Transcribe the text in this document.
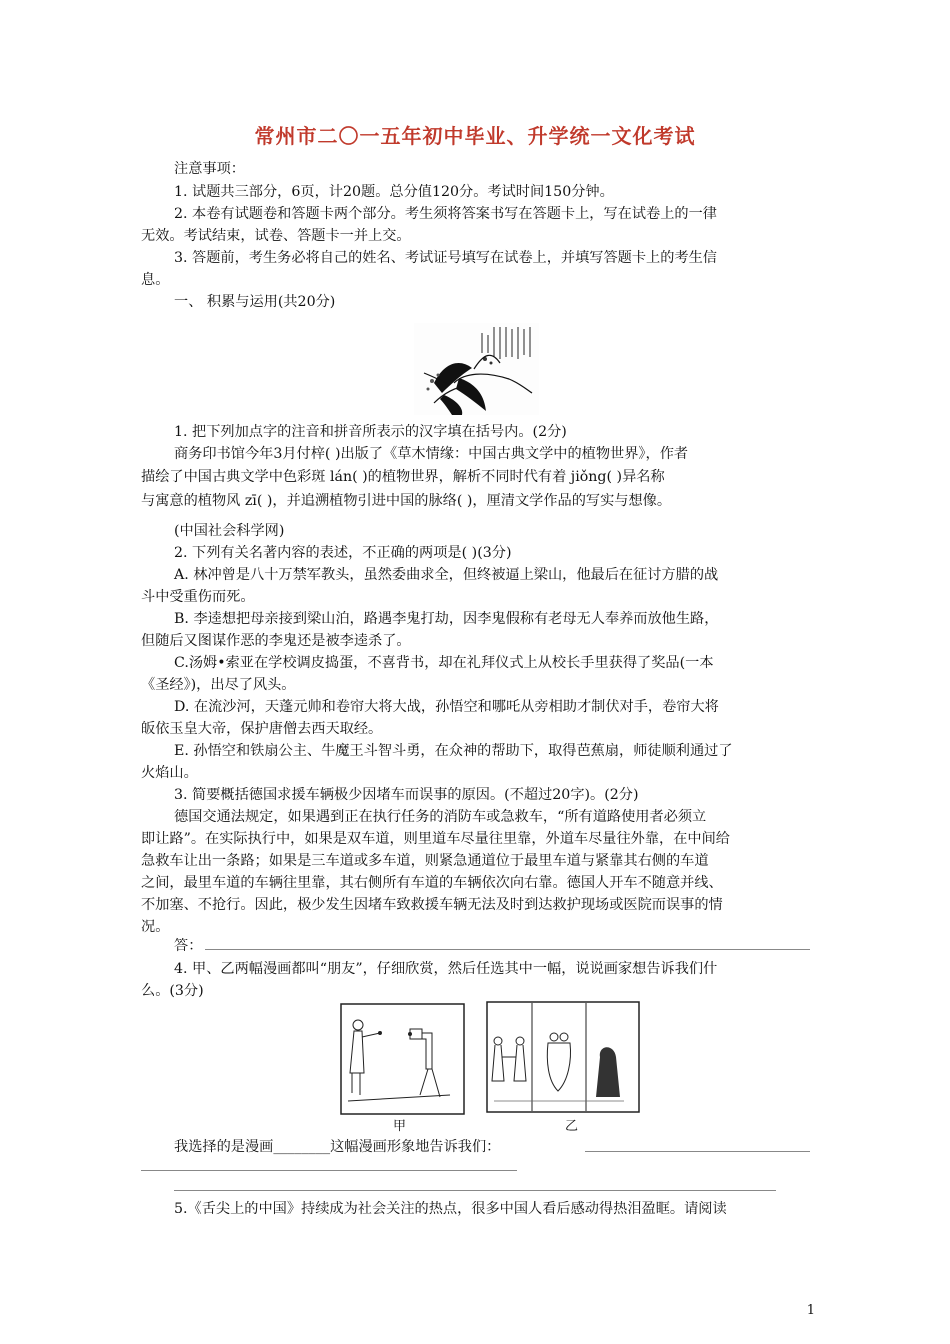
常州市二〇一五年初中毕业、升学统一文化考试
注意事项：
1. 试题共三部分，6页，计20题。总分值120分。考试时间150分钟。
2. 本卷有试题卷和答题卡两个部分。考生须将答案书写在答题卡上，写在试卷上的一律
无效。考试结束，试卷、答题卡一并上交。
3. 答题前，考生务必将自己的姓名、考试证号填写在试卷上，并填写答题卡上的考生信
息。
一、 积累与运用(共20分)
1. 把下列加点字的注音和拼音所表示的汉字填在括号内。(2分)
商务印书馆今年3月付梓( )出版了《草木情缘：中国古典文学中的植物世界》，作者
描绘了中国古典文学中色彩斑 lán( )的植物世界，解析不同时代有着 jiǒng( )异名称
与寓意的植物风 zī( )，并追溯植物引进中国的脉络( )，厘清文学作品的写实与想像。
(中国社会科学网)
2. 下列有关名著内容的表述，不正确的两项是( )(3分)
A. 林冲曾是八十万禁军教头，虽然委曲求全，但终被逼上梁山，他最后在征讨方腊的战
斗中受重伤而死。
B. 李逵想把母亲接到梁山泊，路遇李鬼打劫，因李鬼假称有老母无人奉养而放他生路，
但随后又图谋作恶的李鬼还是被李逵杀了。
C.汤姆•索亚在学校调皮捣蛋，不喜背书，却在礼拜仪式上从校长手里获得了奖品(一本
《圣经》)，出尽了风头。
D. 在流沙河，天蓬元帅和卷帘大将大战，孙悟空和哪吒从旁相助才制伏对手，卷帘大将
皈依玉皇大帝，保护唐僧去西天取经。
E. 孙悟空和铁扇公主、牛魔王斗智斗勇，在众神的帮助下，取得芭蕉扇，师徒顺利通过了
火焰山。
3. 简要概括德国求援车辆极少因堵车而误事的原因。(不超过20字)。(2分)
德国交通法规定，如果遇到正在执行任务的消防车或急救车，“所有道路使用者必须立
即让路”。在实际执行中，如果是双车道，则里道车尽量往里靠，外道车尽量往外靠，在中间给
急救车让出一条路；如果是三车道或多车道，则紧急通道位于最里车道与紧靠其右侧的车道
之间，最里车道的车辆往里靠，其右侧所有车道的车辆依次向右靠。德国人开车不随意并线、
不加塞、不抢行。因此，极少发生因堵车致救援车辆无法及时到达救护现场或医院而误事的情
况。
答：
4. 甲、乙两幅漫画都叫“朋友”，仔细欣赏，然后任选其中一幅，说说画家想告诉我们什
么。(3分)
甲	乙
我选择的是漫画________这幅漫画形象地告诉我们：
5.《舌尖上的中国》持续成为社会关注的热点，很多中国人看后感动得热泪盈眶。请阅读
1
